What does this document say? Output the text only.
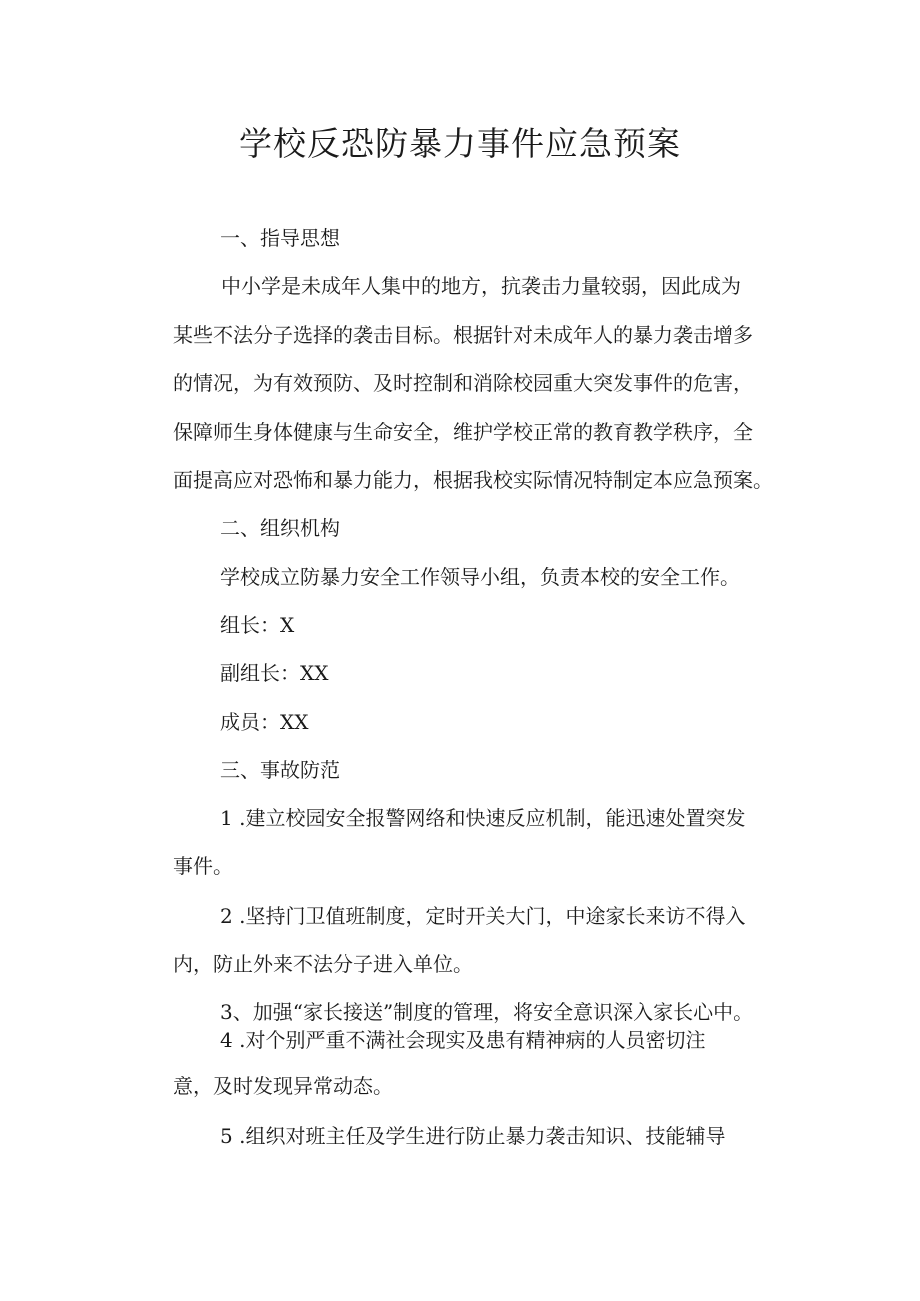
学校反恐防暴力事件应急预案

一、指导思想

中小学是未成年人集中的地方，抗袭击力量较弱，因此成为

某些不法分子选择的袭击目标。根据针对未成年人的暴力袭击增多

的情况，为有效预防、及时控制和消除校园重大突发事件的危害，

保障师生身体健康与生命安全，维护学校正常的教育教学秩序，全

面提高应对恐怖和暴力能力，根据我校实际情况特制定本应急预案。

二、组织机构

学校成立防暴力安全工作领导小组，负责本校的安全工作。

组长：X

副组长：XX

成员：XX

三、事故防范

1 .建立校园安全报警网络和快速反应机制，能迅速处置突发

事件。

2 .坚持门卫值班制度，定时开关大门，中途家长来访不得入

内，防止外来不法分子进入单位。

3、加强“家长接送”制度的管理，将安全意识深入家长心中。

4 .对个别严重不满社会现实及患有精神病的人员密切注

意，及时发现异常动态。

5 .组织对班主任及学生进行防止暴力袭击知识、技能辅导
